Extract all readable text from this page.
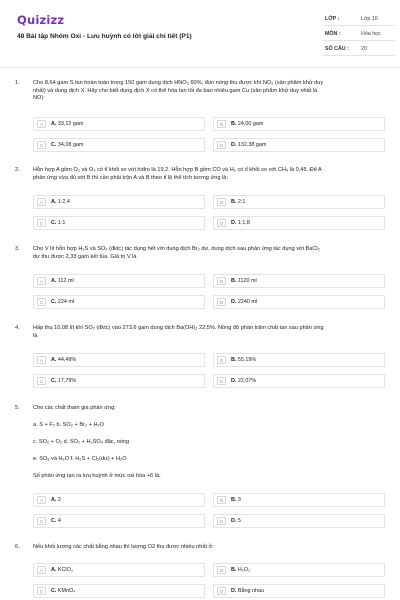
Quizizz
48 Bài tập Nhóm Oxi - Lưu huỳnh có lời giải chi tiết (P1)
LỚP :	Lớp 10
MÔN :	Hóa học
SỐ CÂU : 20
1. Cho 8,64 gam S tan hoàn toàn trong 150 gam dung dịch HNO₃ 60%, đun nóng thu được khí NO₂ (sản phẩm khử duy
nhất) và dung dịch X. Hãy cho biết dung dịch X có thể hòa tan tối đa bao nhiêu gam Cu (sản phẩm khử duy nhất là
NO):
A	A. 33,12 gam	B	B. 24,00 gam
C	C. 34,08 gam	D	D. 132,38 gam
2. Hỗn hợp A gồm O₂ và O₃ có tỉ khối so với hiđro là 19,2. Hỗn hợp B gồm CO và H₂ có tỉ khối so với CH₄ là 0,45. Để A
phản ứng vừa đủ với B thì cần phải trộn A và B theo tỉ lệ thể tích tương ứng là:
A	A. 1:2,4	B	B. 2:1
C	C. 1:1	D	D. 1:1,8
3. Cho V lít hỗn hợp H₂S và SO₂ (đktc) tác dụng hết với dung dịch Br₂ dư, dung dịch sau phản ứng tác dụng với BaCl₂
dư thu được 2,33 gam kết tủa. Giá trị V là
A	A. 112 ml	B	B. 1120 ml
C	C. 224 ml	D	D. 2240 ml
4. Hấp thụ 10,08 lít khí SO₂ (đktc) vào 273,6 gam dung dịch Ba(OH)₂ 22,5%. Nồng độ phần trăm chất tan sau phản ứng
là
A	A. 44,49%	B	B. 55,19%
C	C. 17,79%	D	D. 22,07%
5. Cho các chất tham gia phản ứng:
a. S + F₂ b. SO₂ + Br₂ + H₂O
c. SO₂ + O₂ d. SO₂ + H₂SO₄ đặc, nóng
e. SO₂ và H₂O f. H₂S + Cl₂(dư) + H₂O
Số phản ứng tạo ra lưu huỳnh ở mức oxi hóa +6 là:
A	A. 2	B	B. 3
C	C. 4	D	D. 5
6. Nếu khối lượng các chất bằng nhau thì lượng O2 thu được nhiều nhất ở:
A	A. KClO₃	B	B. H₂O₂
C	C. KMnO₄	D	D. Bằng nhau
